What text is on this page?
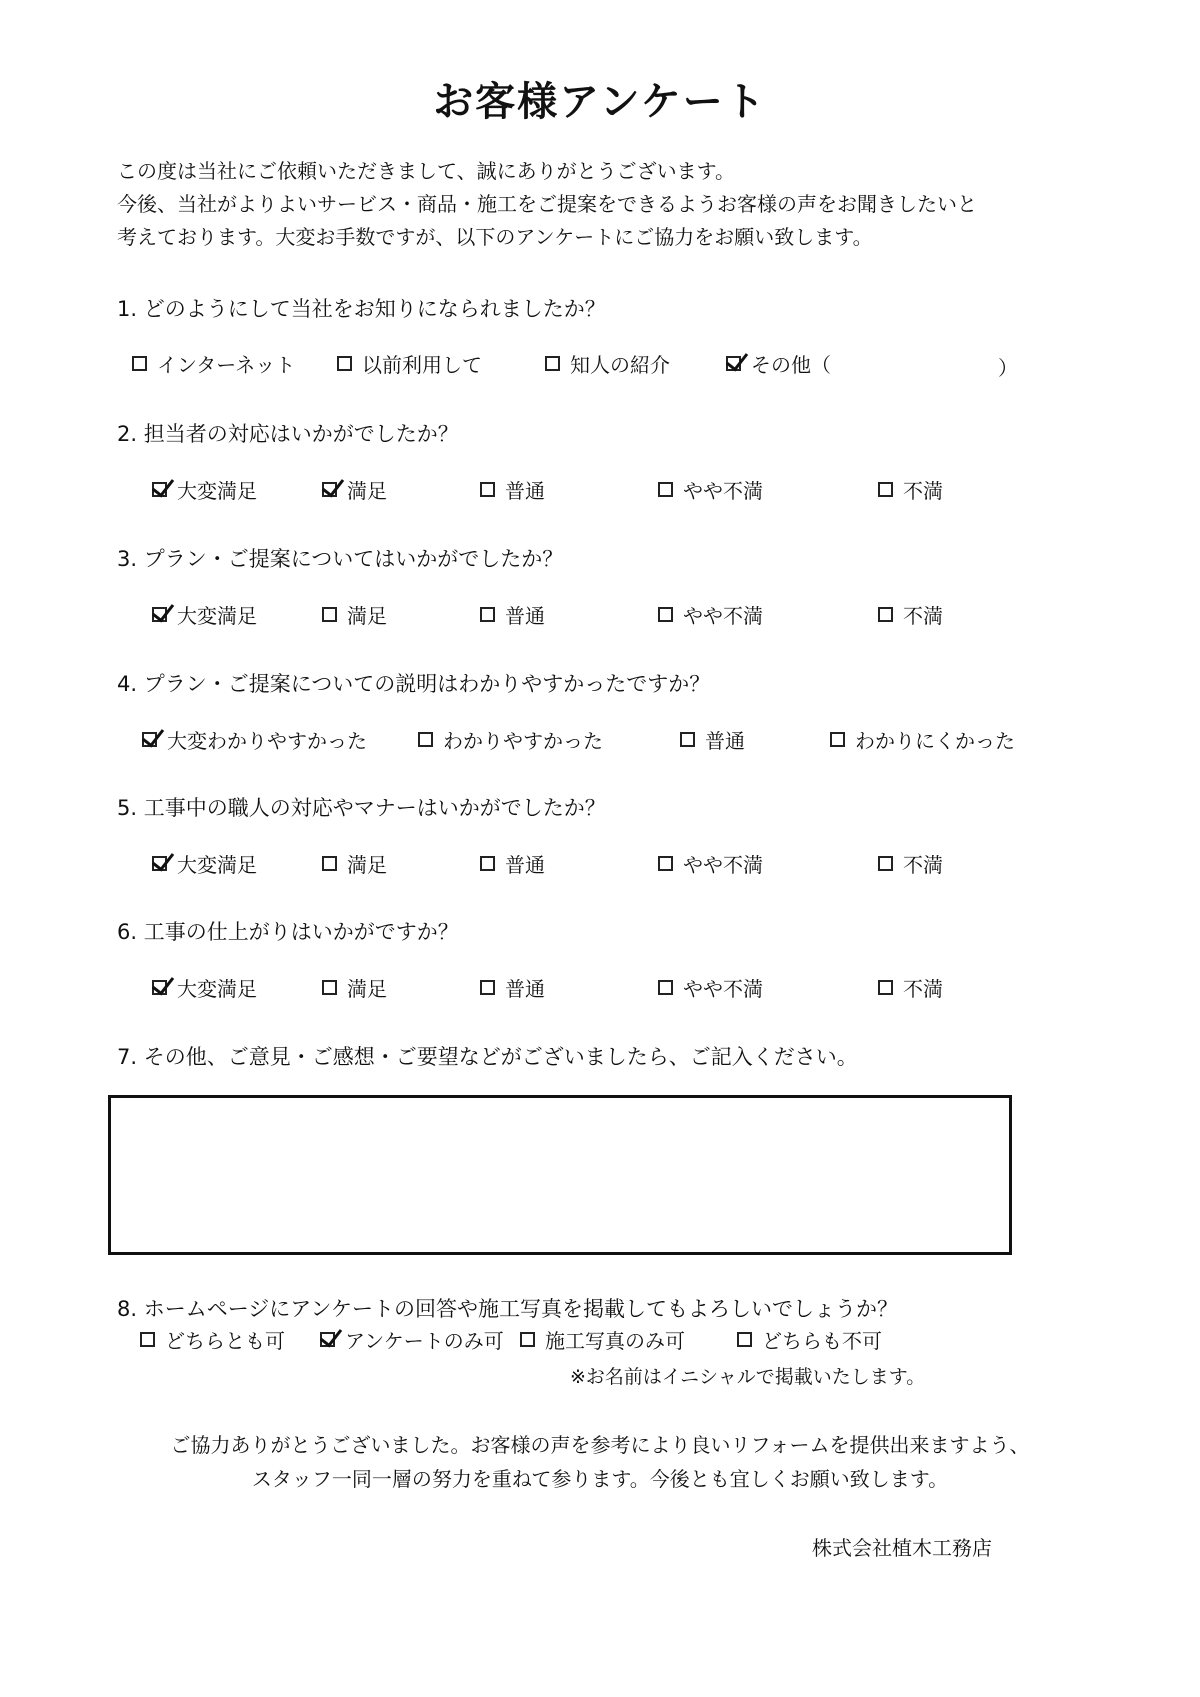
お客様アンケート
この度は当社にご依頼いただきまして、誠にありがとうございます。
今後、当社がよりよいサービス・商品・施工をご提案をできるようお客様の声をお聞きしたいと
考えております。大変お手数ですが、以下のアンケートにご協力をお願い致します。
1. どのようにして当社をお知りになられましたか？
インターネット	以前利用して	知人の紹介	その他（	）
2. 担当者の対応はいかがでしたか？
大変満足	満足	普通	やや不満	不満
3. プラン・ご提案についてはいかがでしたか？
大変満足	満足	普通	やや不満	不満
4. プラン・ご提案についての説明はわかりやすかったですか？
大変わかりやすかった	わかりやすかった	普通	わかりにくかった
5. 工事中の職人の対応やマナーはいかがでしたか？
大変満足	満足	普通	やや不満	不満
6. 工事の仕上がりはいかがですか？
大変満足	満足	普通	やや不満	不満
7. その他、ご意見・ご感想・ご要望などがございましたら、ご記入ください。
8. ホームページにアンケートの回答や施工写真を掲載してもよろしいでしょうか？
どちらとも可	アンケートのみ可 施工写真のみ可	どちらも不可
※お名前はイニシャルで掲載いたします。
ご協力ありがとうございました。お客様の声を参考により良いリフォームを提供出来ますよう、
スタッフ一同一層の努力を重ねて参ります。今後とも宜しくお願い致します。
株式会社植木工務店
